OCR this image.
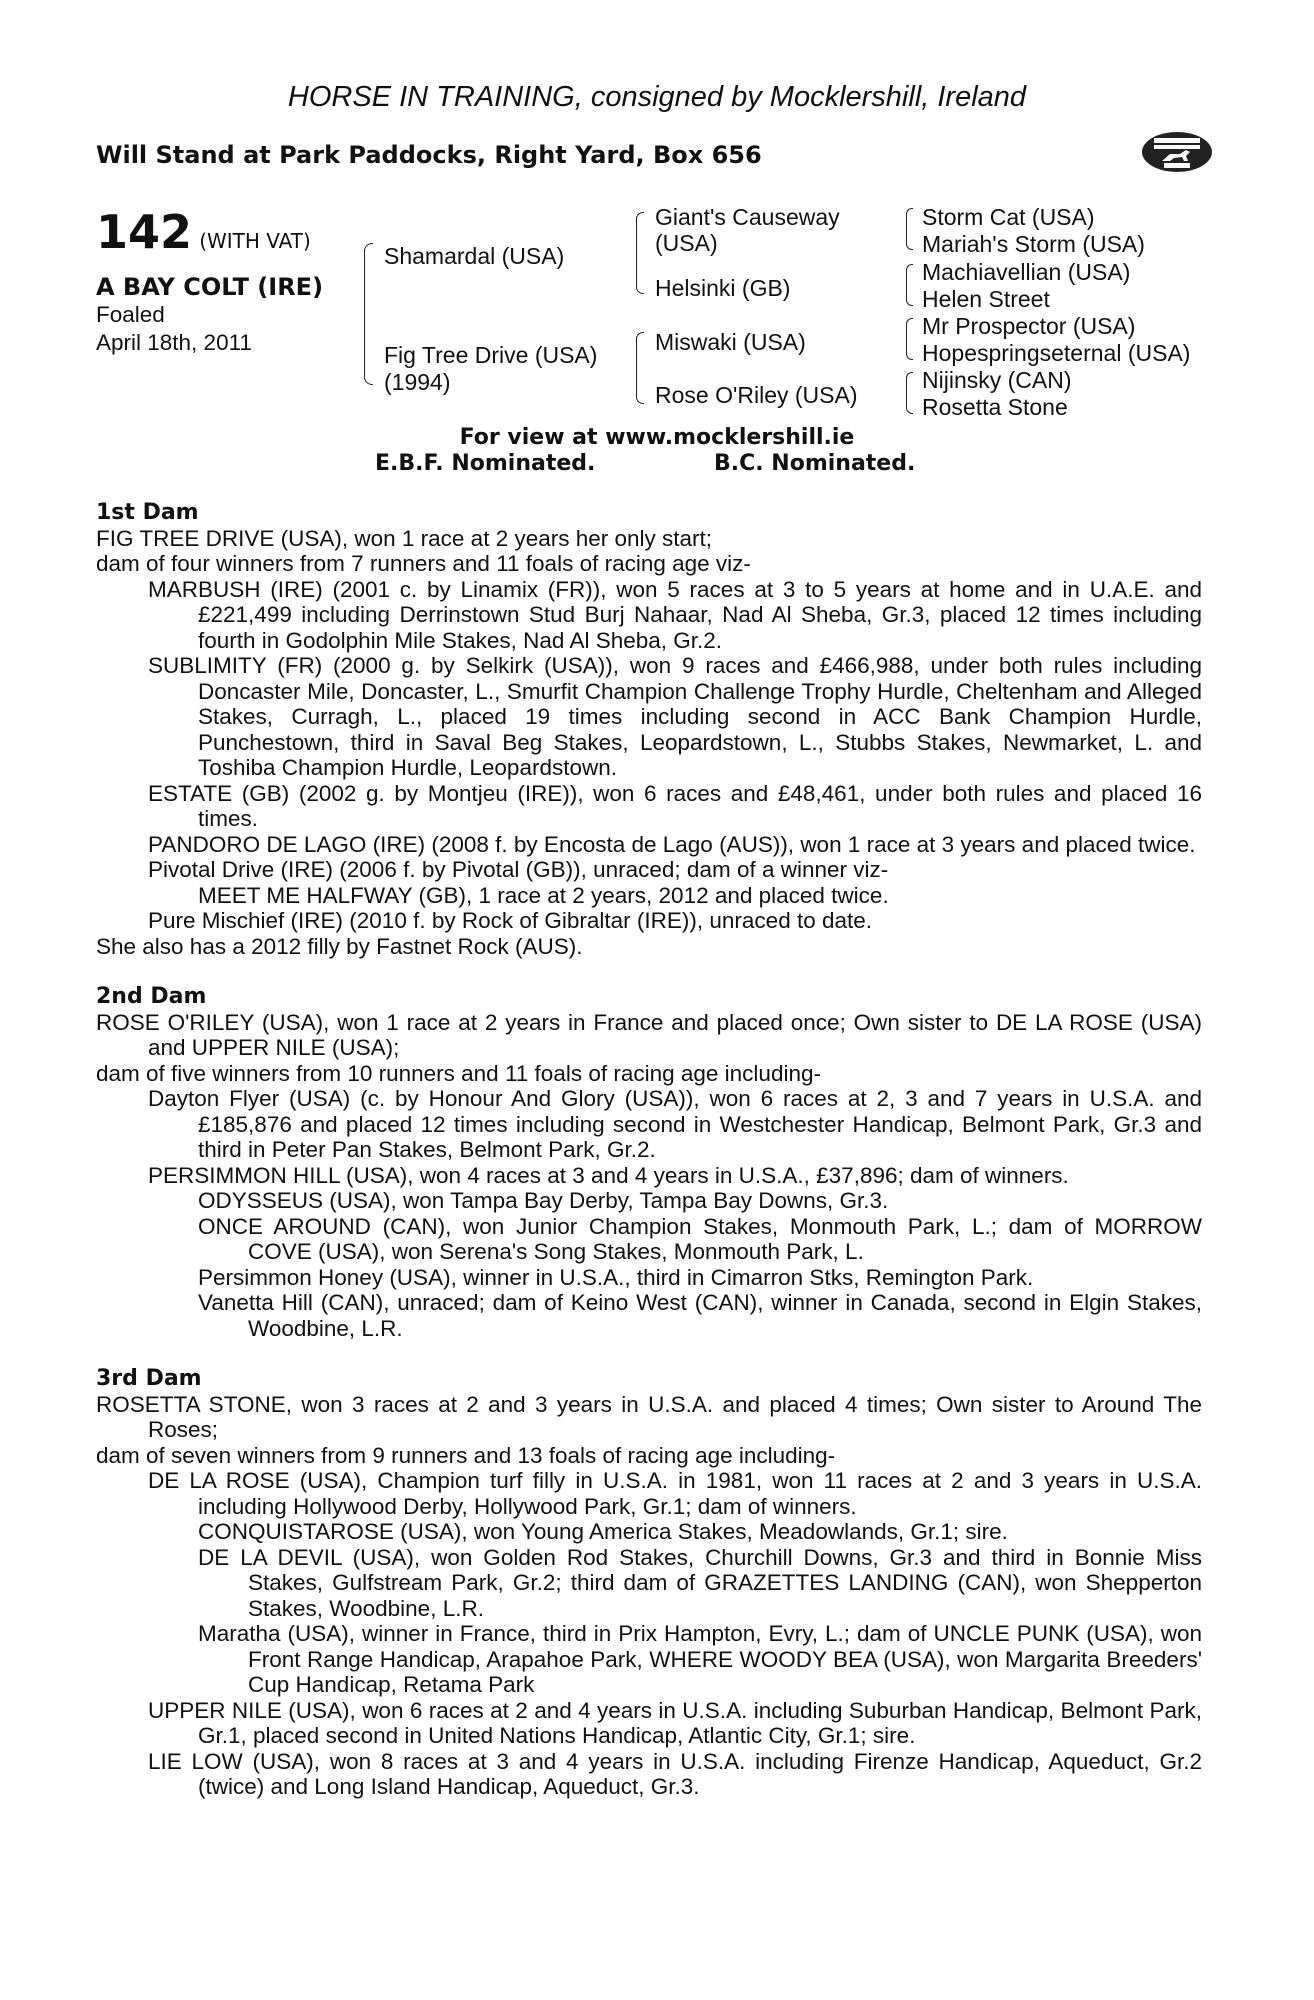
HORSE IN TRAINING, consigned by Mocklershill, Ireland
Will Stand at Park Paddocks, Right Yard, Box 656
142 (WITH VAT)
A BAY COLT (IRE)
Foaled
April 18th, 2011
Shamardal (USA)
Fig Tree Drive (USA)
(1994)
Giant's Causeway
(USA)
Helsinki (GB)
Miswaki (USA)
Rose O'Riley (USA)
Storm Cat (USA)
Mariah's Storm (USA)
Machiavellian (USA)
Helen Street
Mr Prospector (USA)
Hopespringseternal (USA)
Nijinsky (CAN)
Rosetta Stone
For view at www.mocklershill.ie
E.B.F. Nominated.	B.C. Nominated.
1st Dam
FIG TREE DRIVE (USA), won 1 race at 2 years her only start;
dam of four winners from 7 runners and 11 foals of racing age viz-
MARBUSH (IRE) (2001 c. by Linamix (FR)), won 5 races at 3 to 5 years at home and in U.A.E. and £221,499 including Derrinstown Stud Burj Nahaar, Nad Al Sheba, Gr.3, placed 12 times including fourth in Godolphin Mile Stakes, Nad Al Sheba, Gr.2.
SUBLIMITY (FR) (2000 g. by Selkirk (USA)), won 9 races and £466,988, under both rules including Doncaster Mile, Doncaster, L., Smurfit Champion Challenge Trophy Hurdle, Cheltenham and Alleged Stakes, Curragh, L., placed 19 times including second in ACC Bank Champion Hurdle, Punchestown, third in Saval Beg Stakes, Leopardstown, L., Stubbs Stakes, Newmarket, L. and Toshiba Champion Hurdle, Leopardstown.
ESTATE (GB) (2002 g. by Montjeu (IRE)), won 6 races and £48,461, under both rules and placed 16 times.
PANDORO DE LAGO (IRE) (2008 f. by Encosta de Lago (AUS)), won 1 race at 3 years and placed twice.
Pivotal Drive (IRE) (2006 f. by Pivotal (GB)), unraced; dam of a winner viz-
MEET ME HALFWAY (GB), 1 race at 2 years, 2012 and placed twice.
Pure Mischief (IRE) (2010 f. by Rock of Gibraltar (IRE)), unraced to date.
She also has a 2012 filly by Fastnet Rock (AUS).
2nd Dam
ROSE O'RILEY (USA), won 1 race at 2 years in France and placed once; Own sister to DE LA ROSE (USA) and UPPER NILE (USA);
dam of five winners from 10 runners and 11 foals of racing age including-
Dayton Flyer (USA) (c. by Honour And Glory (USA)), won 6 races at 2, 3 and 7 years in U.S.A. and £185,876 and placed 12 times including second in Westchester Handicap, Belmont Park, Gr.3 and third in Peter Pan Stakes, Belmont Park, Gr.2.
PERSIMMON HILL (USA), won 4 races at 3 and 4 years in U.S.A., £37,896; dam of winners.
ODYSSEUS (USA), won Tampa Bay Derby, Tampa Bay Downs, Gr.3.
ONCE AROUND (CAN), won Junior Champion Stakes, Monmouth Park, L.; dam of MORROW COVE (USA), won Serena's Song Stakes, Monmouth Park, L.
Persimmon Honey (USA), winner in U.S.A., third in Cimarron Stks, Remington Park.
Vanetta Hill (CAN), unraced; dam of Keino West (CAN), winner in Canada, second in Elgin Stakes, Woodbine, L.R.
3rd Dam
ROSETTA STONE, won 3 races at 2 and 3 years in U.S.A. and placed 4 times; Own sister to Around The Roses;
dam of seven winners from 9 runners and 13 foals of racing age including-
DE LA ROSE (USA), Champion turf filly in U.S.A. in 1981, won 11 races at 2 and 3 years in U.S.A. including Hollywood Derby, Hollywood Park, Gr.1; dam of winners.
CONQUISTAROSE (USA), won Young America Stakes, Meadowlands, Gr.1; sire.
DE LA DEVIL (USA), won Golden Rod Stakes, Churchill Downs, Gr.3 and third in Bonnie Miss Stakes, Gulfstream Park, Gr.2; third dam of GRAZETTES LANDING (CAN), won Shepperton Stakes, Woodbine, L.R.
Maratha (USA), winner in France, third in Prix Hampton, Evry, L.; dam of UNCLE PUNK (USA), won Front Range Handicap, Arapahoe Park, WHERE WOODY BEA (USA), won Margarita Breeders' Cup Handicap, Retama Park
UPPER NILE (USA), won 6 races at 2 and 4 years in U.S.A. including Suburban Handicap, Belmont Park, Gr.1, placed second in United Nations Handicap, Atlantic City, Gr.1; sire.
LIE LOW (USA), won 8 races at 3 and 4 years in U.S.A. including Firenze Handicap, Aqueduct, Gr.2 (twice) and Long Island Handicap, Aqueduct, Gr.3.
